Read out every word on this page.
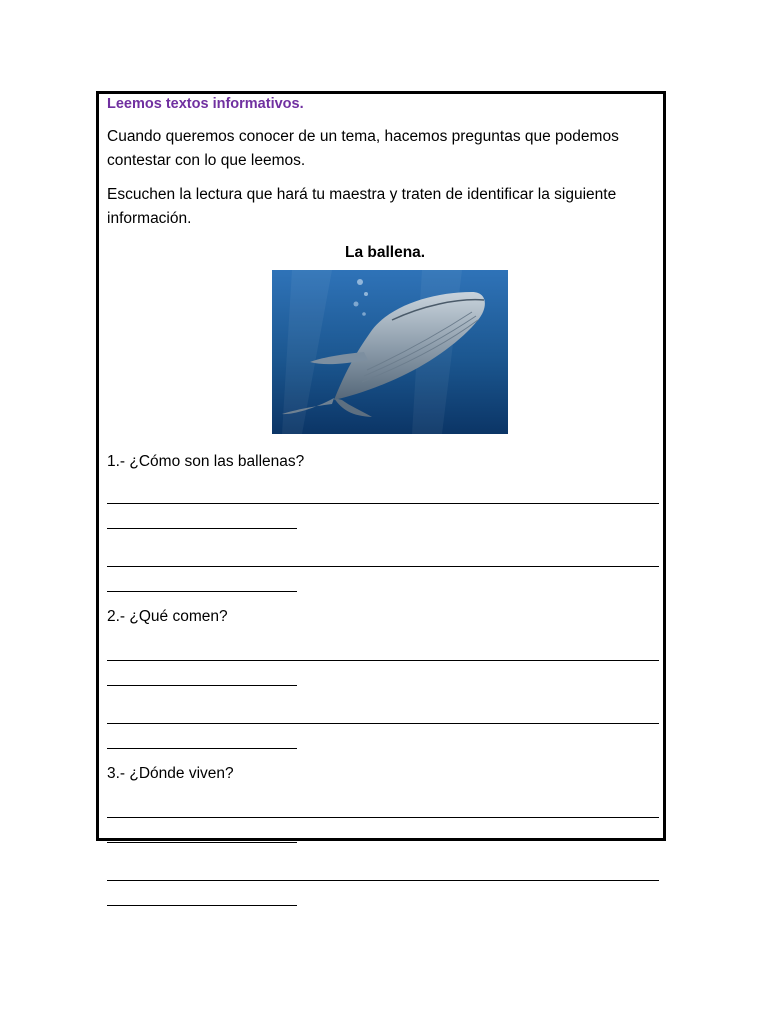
Leemos textos informativos.
Cuando queremos conocer de un tema, hacemos preguntas que podemos
contestar con lo que leemos.
Escuchen la lectura que hará tu maestra y traten de identificar la siguiente
información.
La ballena.
1.- ¿Cómo son las ballenas?
2.- ¿Qué comen?
3.- ¿Dónde viven?
